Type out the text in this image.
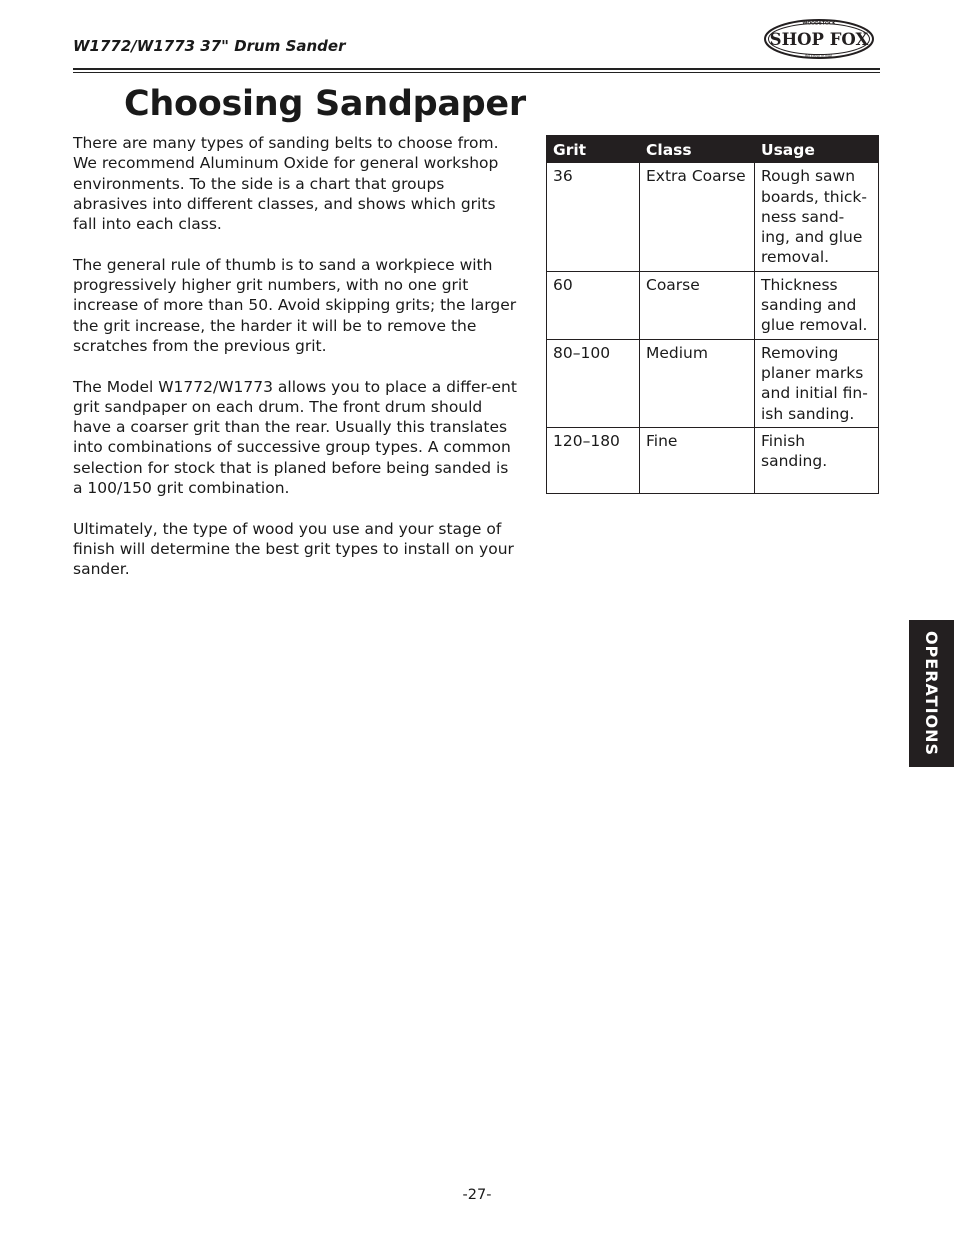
W1772/W1773 37" Drum Sander
WOODSTOCK
SHOP FOX
INTERNATIONAL
Choosing Sandpaper

There are many types of sanding belts to choose from. We recommend Aluminum Oxide for general workshop environments. To the side is a chart that groups abrasives into different classes, and shows which grits fall into each class.

The general rule of thumb is to sand a workpiece with progressively higher grit numbers, with no one grit increase of more than 50. Avoid skipping grits; the larger the grit increase, the harder it will be to remove the scratches from the previous grit.

The Model W1772/W1773 allows you to place a differ-ent grit sandpaper on each drum. The front drum should have a coarser grit than the rear. Usually this translates into combinations of successive group types. A common selection for stock that is planed before being sanded is a 100/150 grit combination.

Ultimately, the type of wood you use and your stage of finish will determine the best grit types to install on your sander.

Grit	Class	Usage
36	Extra Coarse	Rough sawn boards, thick-ness sand-ing, and glue removal.
60	Coarse	Thickness sanding and glue removal.
80–100	Medium	Removing planer marks and initial fin-ish sanding.
120–180	Fine	Finish sanding.
OPERATIONS
-27-
